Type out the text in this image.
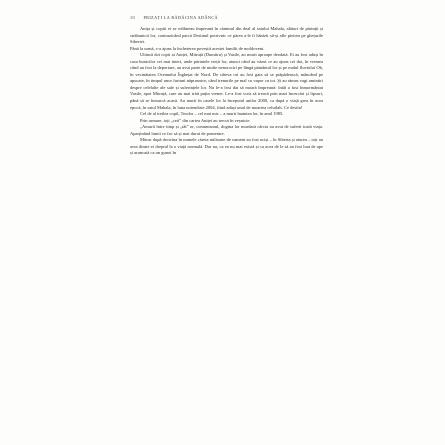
10 PRIZAȚI LA RĂDĂCINA ADÂNCĂ

Anița și copiii ei se odihneau împreună în căminul din deal al satului Mahala, alături de părinții și străbunicii lor, contrazicând parcă Destinul potrivnic ce părea a-le fi hărăzit să-și afle pieirea pe ghețurile Siberiei.
Până la urmă, s-a ajuns la încheierea poveștii acestei familii de moldoveni.

Ultimii doi copii ai Aniței, Mitruță (Dumitru) și Vasile, au murit aproape deodată. Ei au fost aduși în casa bunicilor cei mai tineri, unde părintele vieții lor, atunci când au văzut ce au ajuns cei doi, în vremea când au fost la deportare, au avut parte de multe nenorociri pe lângă pământul lor și pe malul fluviului Ob, în vecinătatea Oceanului Înghețat de Nord. De câteva ori au fost gata să se prăpădească, mâncând pe apucate, în timpul unor furtuni năprasnice, când trenurile pe mal cu vapor cu tot. Și au rămas vagi amintiri despre celelalte ale sale și suferințele lor. Nu le-a fost dat să moară împreună: întâi a fost înmormântat Vasile, apoi Mitruță, care au mai trăit puțin vreme. Le-a fost scris să treacă prin mari încercări și lipsuri, până să se întoarcă acasă. Au murit în casele lor la începutul anilor 2000, ca după o viață grea în acea epocă, în satul Mahala, în luna noiembrie 2004, fiind aduși unul de moartea celuilalt. Ce destin!

Cel de al treilea copil, Teodor – cel mai mic – a murit înaintea lor, în anul 1985.

Prin urmare, toți „ceii” din cartea Aniței au trecut în veșnicie.

„Amurit între timp și „tăt” or, comunismul, dogma lor murdară cârcia au avut de suferit toată viața. Aparținând lumii ce fac să și mai durut de pomenire.

Măcar după doctrina în numele căreia milioane de oameni au fost uciși – în Siberia și aiurea – toți au avut dintre ei dreptul la o viață normală. Dar nu, ca ea nu mai există și ca acea de le să au fost luat de ape și aruncată ca un gunoi în
